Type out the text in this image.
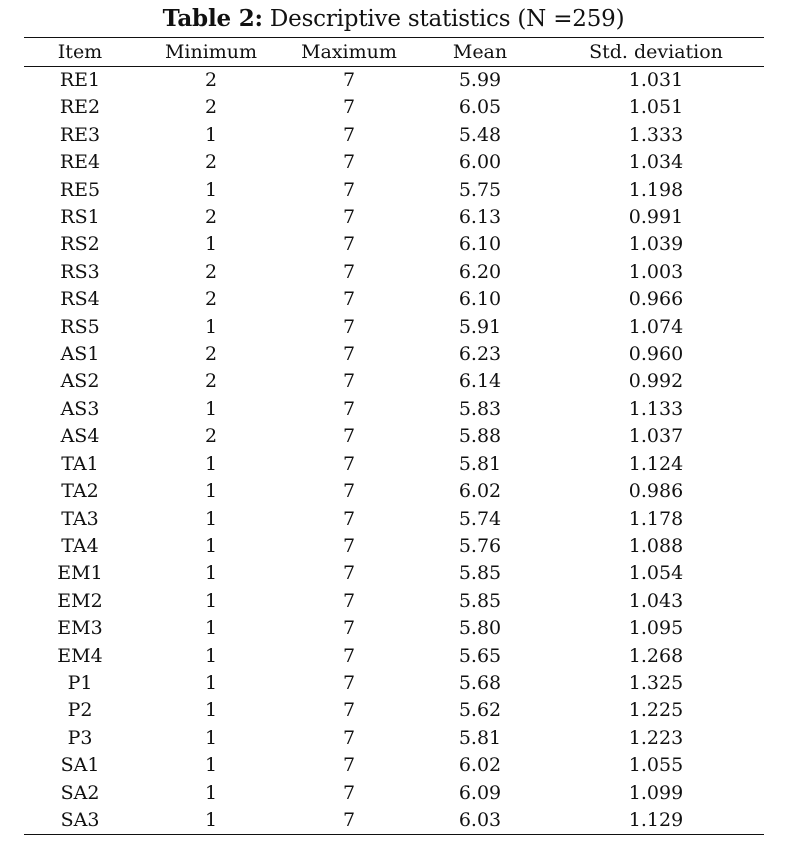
Table 2: Descriptive statistics (N =259)
Item	Minimum	Maximum	Mean	Std. deviation
RE1	2	7	5.99	1.031
RE2	2	7	6.05	1.051
RE3	1	7	5.48	1.333
RE4	2	7	6.00	1.034
RE5	1	7	5.75	1.198
RS1	2	7	6.13	0.991
RS2	1	7	6.10	1.039
RS3	2	7	6.20	1.003
RS4	2	7	6.10	0.966
RS5	1	7	5.91	1.074
AS1	2	7	6.23	0.960
AS2	2	7	6.14	0.992
AS3	1	7	5.83	1.133
AS4	2	7	5.88	1.037
TA1	1	7	5.81	1.124
TA2	1	7	6.02	0.986
TA3	1	7	5.74	1.178
TA4	1	7	5.76	1.088
EM1	1	7	5.85	1.054
EM2	1	7	5.85	1.043
EM3	1	7	5.80	1.095
EM4	1	7	5.65	1.268
P1	1	7	5.68	1.325
P2	1	7	5.62	1.225
P3	1	7	5.81	1.223
SA1	1	7	6.02	1.055
SA2	1	7	6.09	1.099
SA3	1	7	6.03	1.129
